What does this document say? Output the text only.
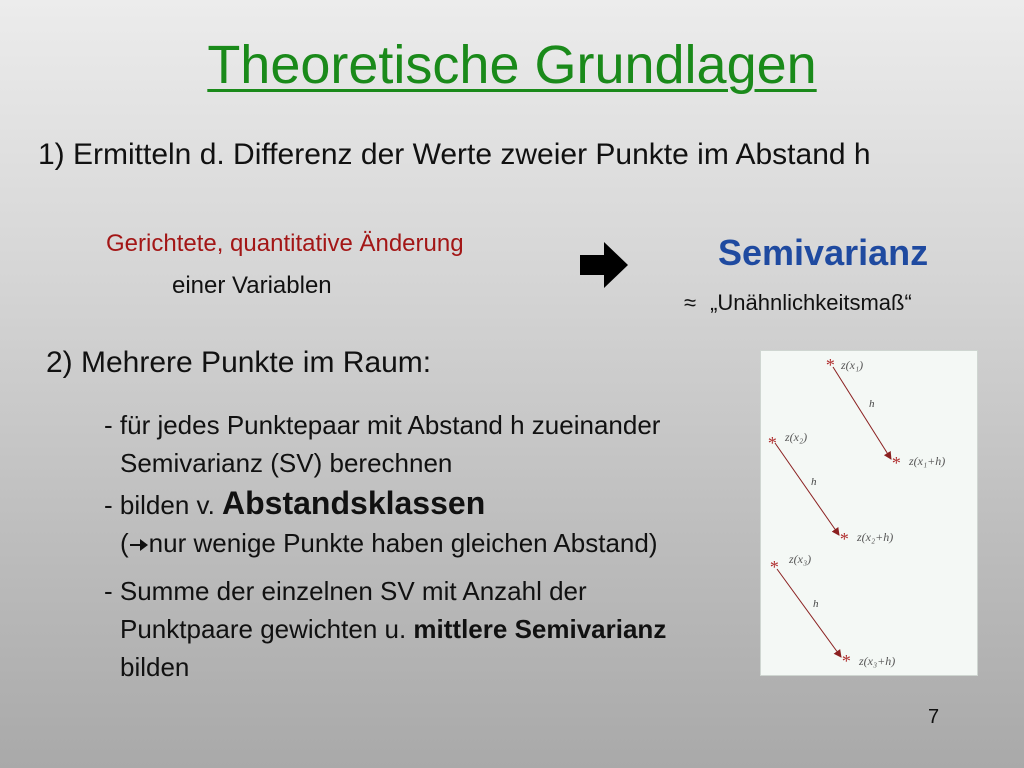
Theoretische Grundlagen
1) Ermitteln d. Differenz der Werte zweier Punkte im Abstand h
Gerichtete, quantitative Änderung
einer Variablen
Semivarianz
≈ „Unähnlichkeitsmaß“
2) Mehrere Punkte im Raum:
- für jedes Punktepaar mit Abstand h zueinander
Semivarianz (SV) berechnen
- bilden v. Abstandsklassen
( nur wenige Punkte haben gleichen Abstand)
- Summe der einzelnen SV mit Anzahl der
Punktpaare gewichten u. mittlere Semivarianz
bilden
* z(x₁)
h
* z(x₁+h)
* z(x₂)
h
* z(x₂+h)
* z(x₃)
h
* z(x₃+h)
7
